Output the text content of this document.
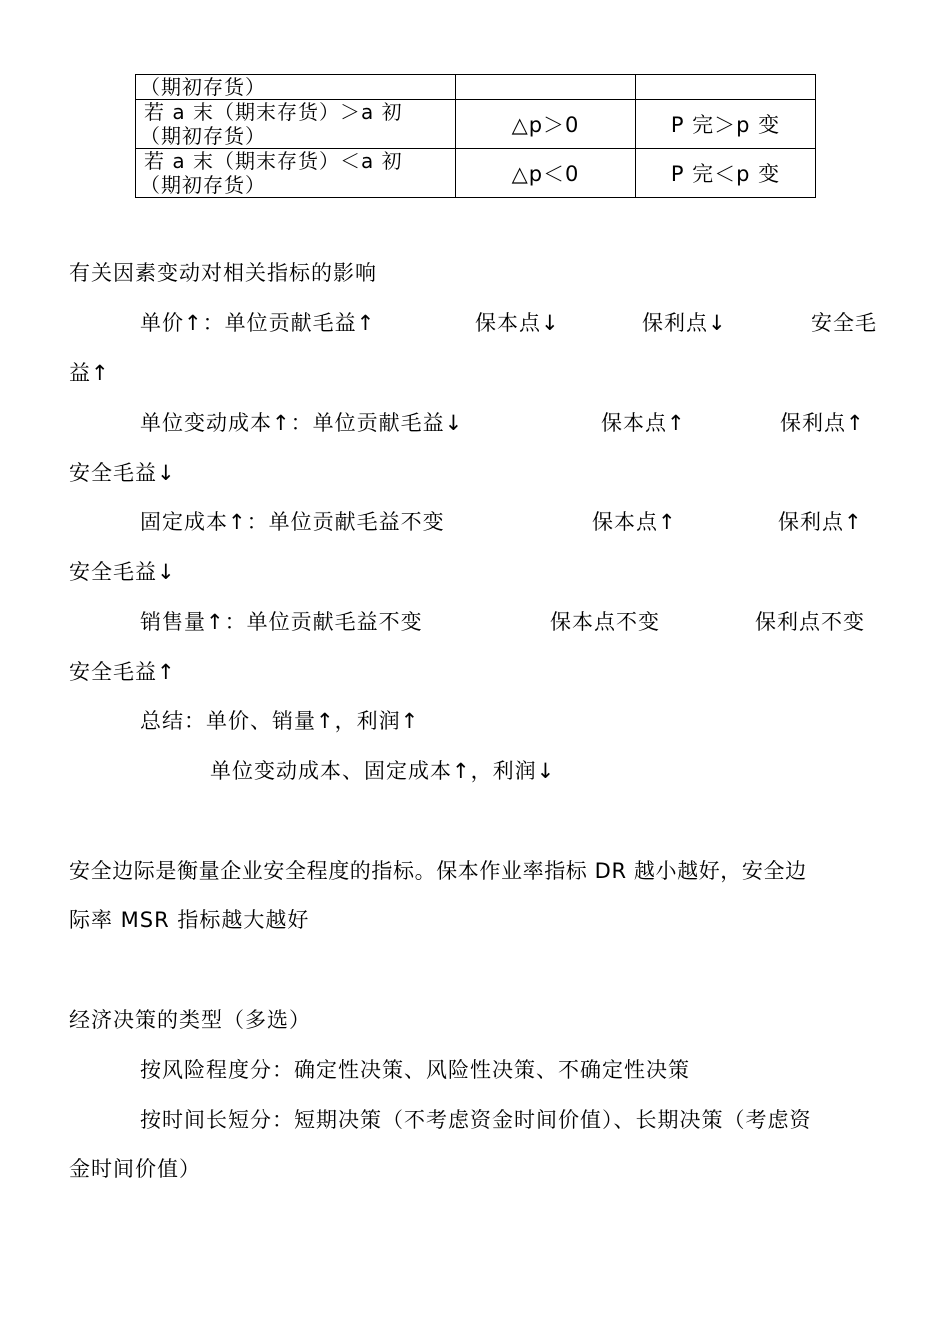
（期初存货）		

若 a 末（期末存货）＞a 初
（期初存货）	△p＞0	P 完＞p 变

若 a 末（期末存货）＜a 初
（期初存货）	△p＜0	P 完＜p 变
有关因素变动对相关指标的影响
单价↑：单位贡献毛益↑	保本点↓	保利点↓	安全毛
益↑
单位变动成本↑：单位贡献毛益↓	保本点↑	保利点↑
安全毛益↓
固定成本↑：单位贡献毛益不变	保本点↑	保利点↑
安全毛益↓
销售量↑：单位贡献毛益不变	保本点不变	保利点不变
安全毛益↑
总结：单价、销量↑，利润↑
单位变动成本、固定成本↑，利润↓
安全边际是衡量企业安全程度的指标。保本作业率指标 DR 越小越好，安全边
际率 MSR 指标越大越好
经济决策的类型（多选）
按风险程度分：确定性决策、风险性决策、不确定性决策
按时间长短分：短期决策（不考虑资金时间价值）、长期决策（考虑资
金时间价值）
